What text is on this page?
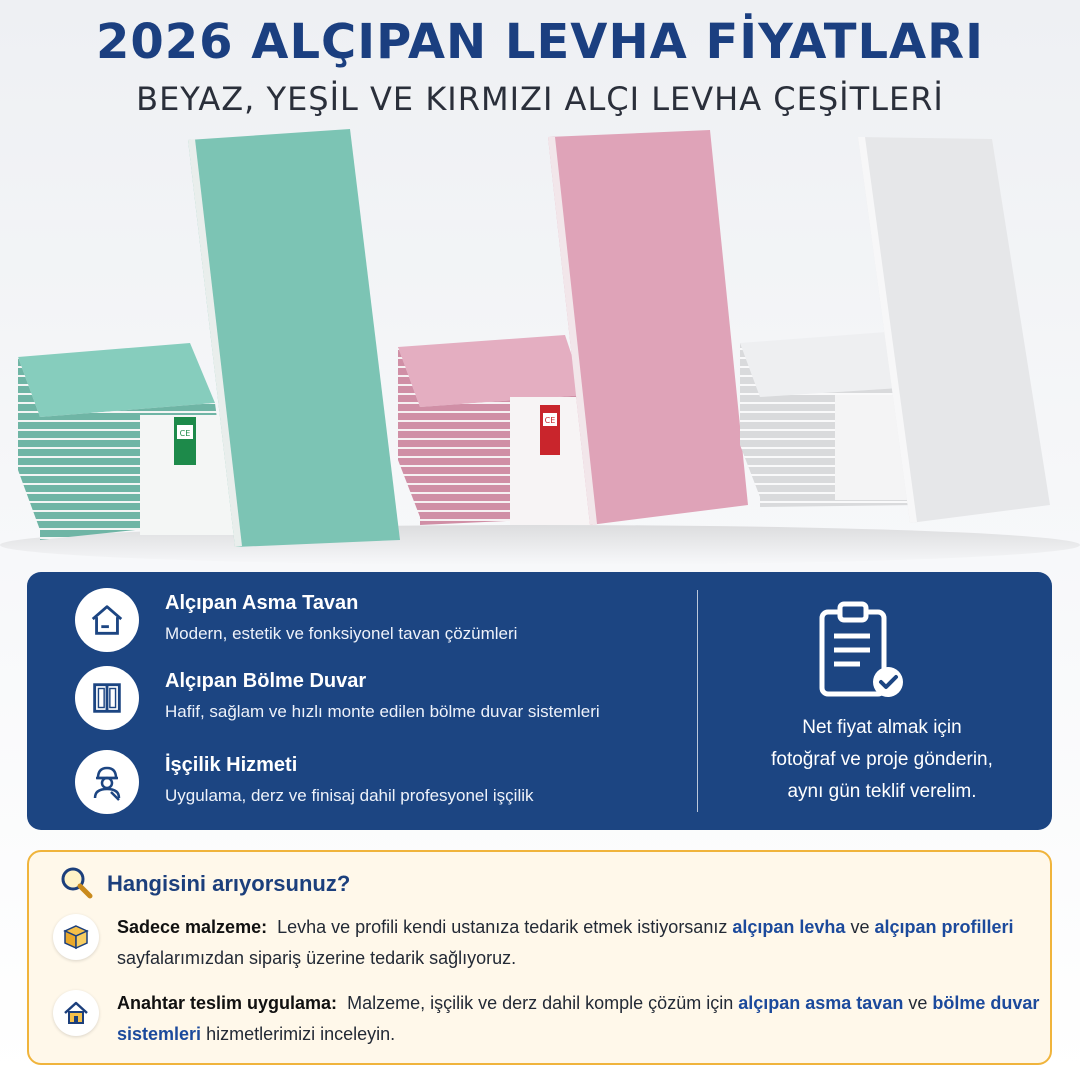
2026 ALÇIPAN LEVHA FİYATLARI
BEYAZ, YEŞİL VE KIRMIZI ALÇI LEVHA ÇEŞİTLERİ
CE
CE
Alçıpan Asma Tavan
Modern, estetik ve fonksiyonel tavan çözümleri
Alçıpan Bölme Duvar
Hafif, sağlam ve hızlı monte edilen bölme duvar sistemleri
İşçilik Hizmeti
Uygulama, derz ve finisaj dahil profesyonel işçilik
Net fiyat almak için
fotoğraf ve proje gönderin,
aynı gün teklif verelim.
Hangisini arıyorsunuz?
Sadece malzeme: Levha ve profili kendi ustanıza tedarik etmek istiyorsanız alçıpan levha ve alçıpan profilleri sayfalarımızdan sipariş üzerine tedarik sağlıyoruz.
Anahtar teslim uygulama: Malzeme, işçilik ve derz dahil komple çözüm için alçıpan asma tavan ve bölme duvar sistemleri hizmetlerimizi inceleyin.
